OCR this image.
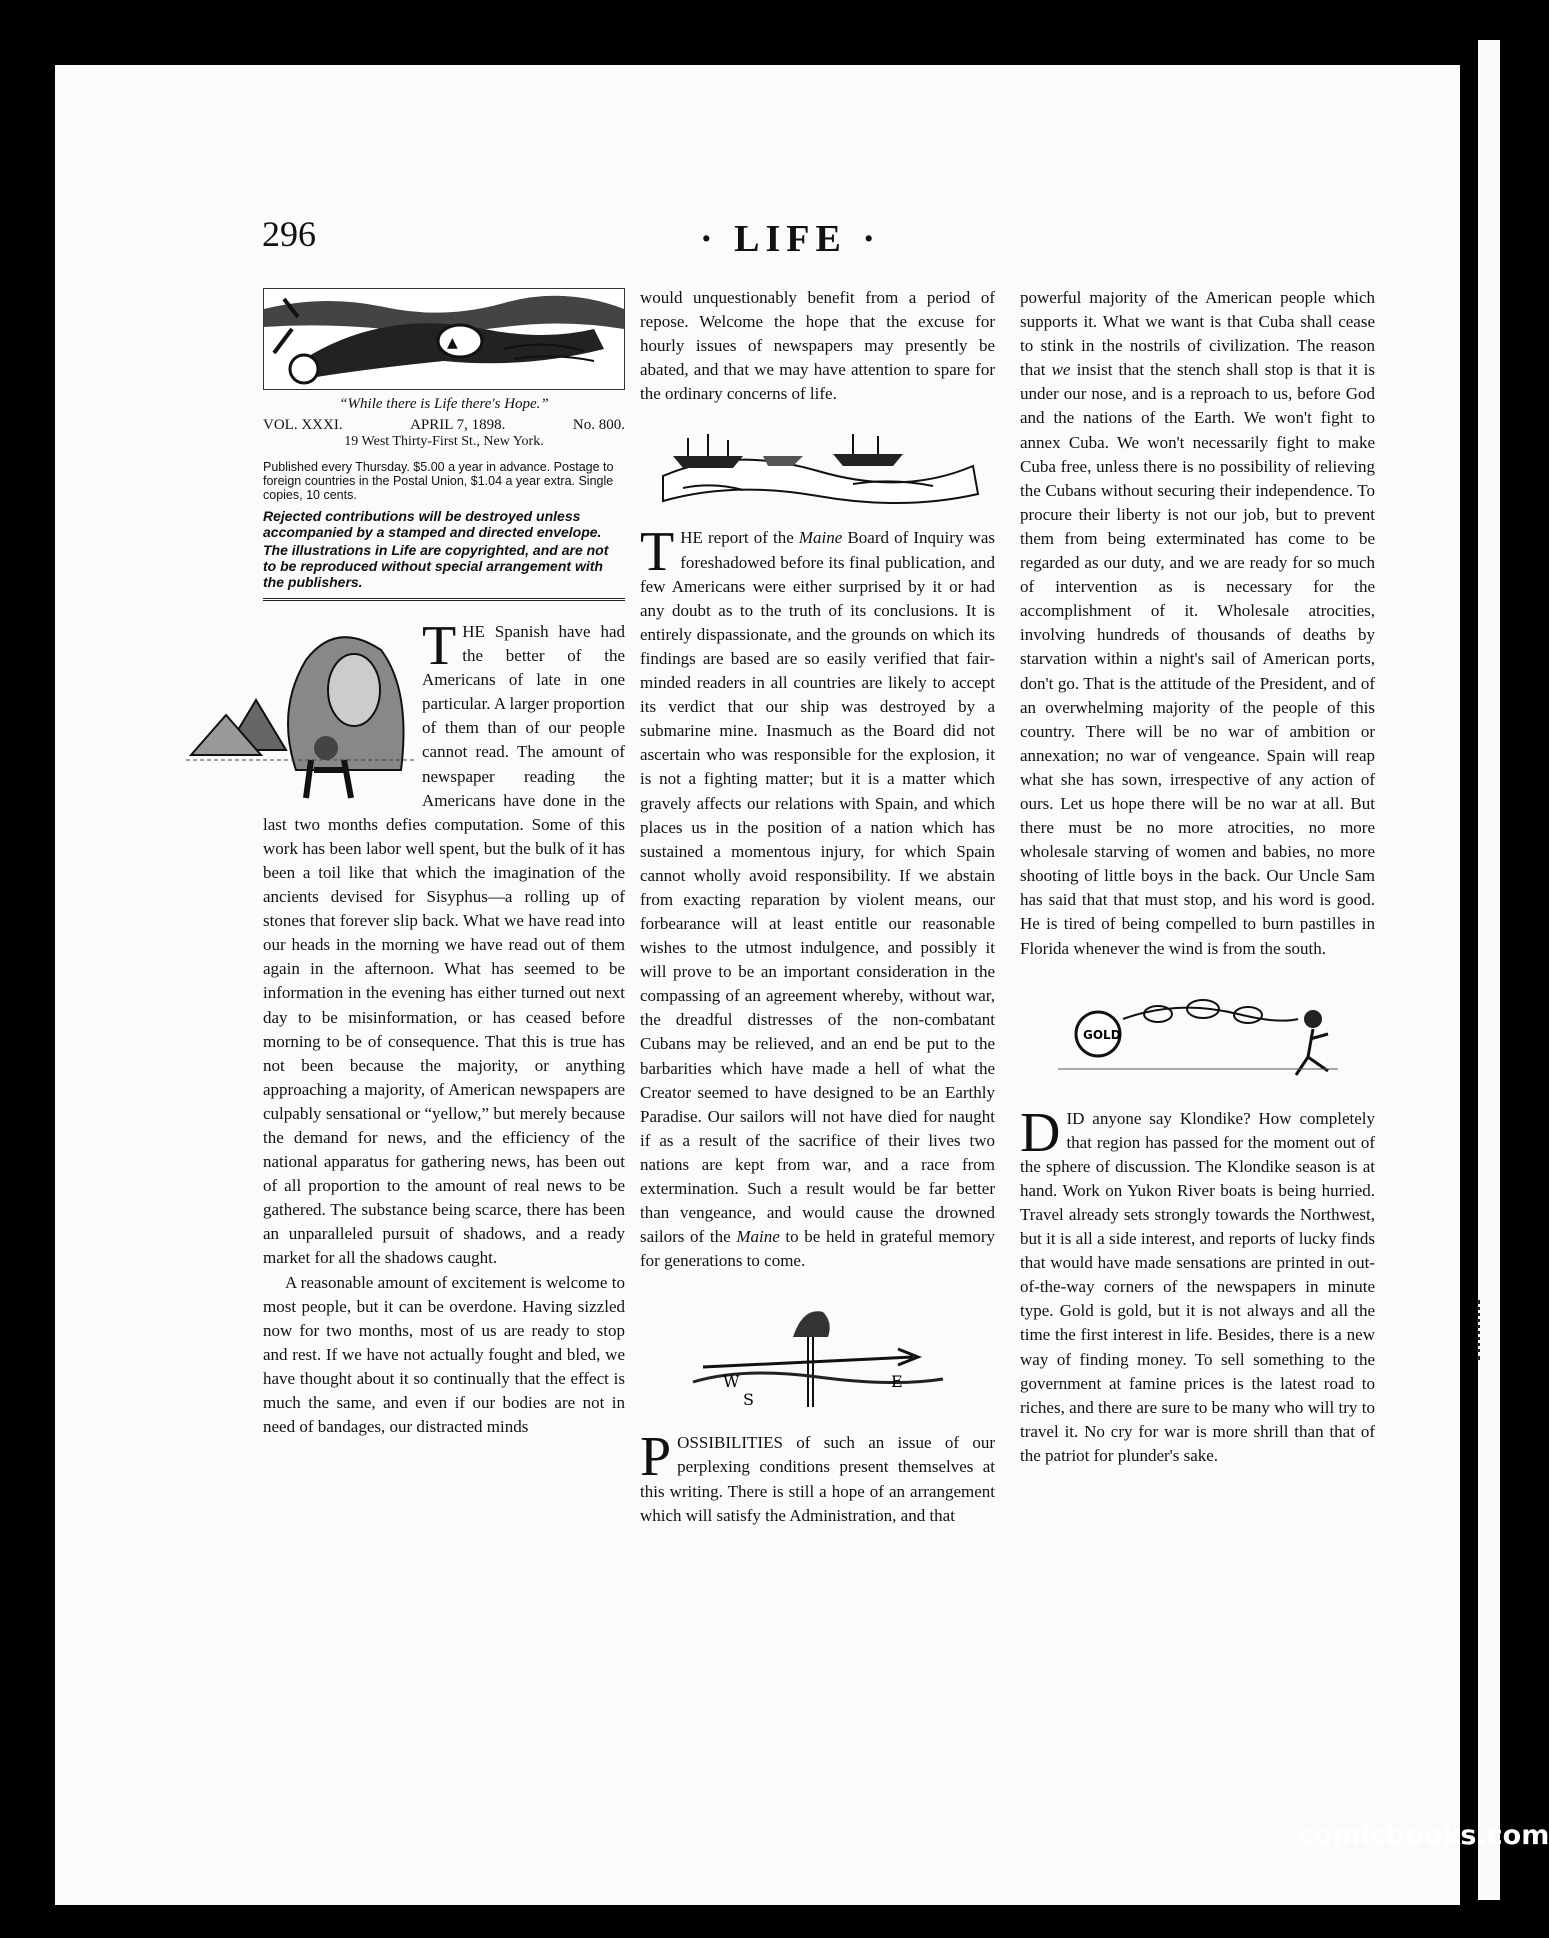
296	· LIFE ·
▲
“While there is Life there's Hope.”
VOL. XXXI.	APRIL 7, 1898.	No. 800.
19 West Thirty-First St., New York.
Published every Thursday. $5.00 a year in advance. Postage to foreign countries in the Postal Union, $1.04 a year extra. Single copies, 10 cents.
Rejected contributions will be destroyed unless accompanied by a stamped and directed envelope.
The illustrations in Life are copyrighted, and are not to be reproduced without special arrangement with the publishers.

THE Spanish have had the better of the Americans of late in one particular. A larger proportion of them than of our people cannot read. The amount of newspaper reading the Americans have done in the last two months defies computation. Some of this work has been labor well spent, but the bulk of it has been a toil like that which the imagination of the ancients devised for Sisyphus—a rolling up of stones that forever slip back. What we have read into our heads in the morning we have read out of them again in the afternoon. What has seemed to be information in the evening has either turned out next day to be misinformation, or has ceased before morning to be of consequence. That this is true has not been because the majority, or anything approaching a majority, of American newspapers are culpably sensational or “yellow,” but merely because the demand for news, and the efficiency of the national apparatus for gathering news, has been out of all proportion to the amount of real news to be gathered. The substance being scarce, there has been an unparalleled pursuit of shadows, and a ready market for all the shadows caught.

A reasonable amount of excitement is welcome to most people, but it can be overdone. Having sizzled now for two months, most of us are ready to stop and rest. If we have not actually fought and bled, we have thought about it so continually that the effect is much the same, and even if our bodies are not in need of bandages, our distracted minds

would unquestionably benefit from a period of repose. Welcome the hope that the excuse for hourly issues of newspapers may presently be abated, and that we may have attention to spare for the ordinary concerns of life.

THE report of the Maine Board of Inquiry was foreshadowed before its final publication, and few Americans were either surprised by it or had any doubt as to the truth of its conclusions. It is entirely dispassionate, and the grounds on which its findings are based are so easily verified that fair-minded readers in all countries are likely to accept its verdict that our ship was destroyed by a submarine mine. Inasmuch as the Board did not ascertain who was responsible for the explosion, it is not a fighting matter; but it is a matter which gravely affects our relations with Spain, and which places us in the position of a nation which has sustained a momentous injury, for which Spain cannot wholly avoid responsibility. If we abstain from exacting reparation by violent means, our forbearance will at least entitle our reasonable wishes to the utmost indulgence, and possibly it will prove to be an important consideration in the compassing of an agreement whereby, without war, the dreadful distresses of the non-combatant Cubans may be relieved, and an end be put to the barbarities which have made a hell of what the Creator seemed to have designed to be an Earthly Paradise. Our sailors will not have died for naught if as a result of the sacrifice of their lives two nations are kept from war, and a race from extermination. Such a result would be far better than vengeance, and would cause the drowned sailors of the Maine to be held in grateful memory for generations to come.

W
S
E

POSSIBILITIES of such an issue of our perplexing conditions present themselves at this writing. There is still a hope of an arrangement which will satisfy the Administration, and that

powerful majority of the American people which supports it. What we want is that Cuba shall cease to stink in the nostrils of civilization. The reason that we insist that the stench shall stop is that it is under our nose, and is a reproach to us, before God and the nations of the Earth. We won't fight to annex Cuba. We won't necessarily fight to make Cuba free, unless there is no possibility of relieving the Cubans without securing their independence. To procure their liberty is not our job, but to prevent them from being exterminated has come to be regarded as our duty, and we are ready for so much of intervention as is necessary for the accomplishment of it. Wholesale atrocities, involving hundreds of thousands of deaths by starvation within a night's sail of American ports, don't go. That is the attitude of the President, and of an overwhelming majority of the people of this country. There will be no war of ambition or annexation; no war of vengeance. Spain will reap what she has sown, irrespective of any action of ours. Let us hope there will be no war at all. But there must be no more atrocities, no more wholesale starving of women and babies, no more shooting of little boys in the back. Our Uncle Sam has said that that must stop, and his word is good. He is tired of being compelled to burn pastilles in Florida whenever the wind is from the south.

GOLD

DID anyone say Klondike? How completely that region has passed for the moment out of the sphere of discussion. The Klondike season is at hand. Work on Yukon River boats is being hurried. Travel already sets strongly towards the Northwest, but it is all a side interest, and reports of lucky finds that would have made sensations are printed in out-of-the-way corners of the newspapers in minute type. Gold is gold, but it is not always and all the time the first interest in life. Besides, there is a new way of finding money. To sell something to the government at famine prices is the latest road to riches, and there are sure to be many who will try to travel it. No cry for war is more shrill than that of the patriot for plunder's sake.

comicbooks.com
